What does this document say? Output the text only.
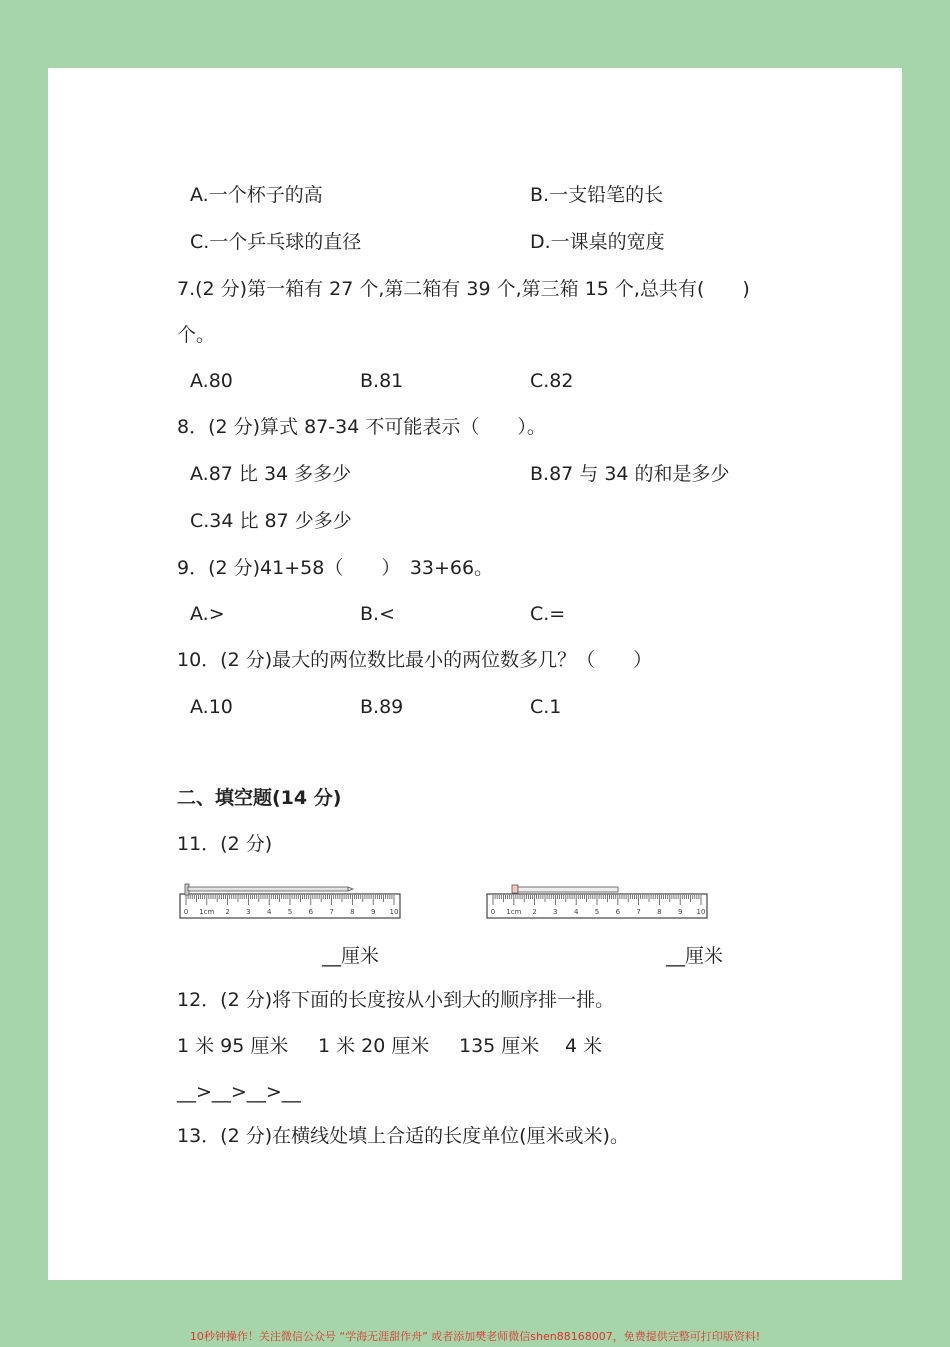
A.一个杯子的高	B.一支铅笔的长
C.一个乒乓球的直径	D.一课桌的宽度
7.(2 分)第一箱有 27 个,第二箱有 39 个,第三箱 15 个,总共有(　　)
个。
A.80	B.81	C.82
8．(2 分)算式 87-34 不可能表示（　　）。
A.87 比 34 多多少	B.87 与 34 的和是多少
C.34 比 87 少多少
9．(2 分)41+58（　　）　33+66。
A.>	B.<	C.=
10．(2 分)最大的两位数比最小的两位数多几？（　　）
A.10	B.89	C.1
二、填空题(14 分)
11．(2 分)
0 1cm 2 3 4 5 6 7 8 9 10	0 1cm 2 3 4 5 6 7 8 9 10
__厘米	__厘米
12．(2 分)将下面的长度按从小到大的顺序排一排。
1 米 95 厘米 1 米 20 厘米 135 厘米 4 米
__>__>__>__
13．(2 分)在横线处填上合适的长度单位(厘米或米)。
10秒钟操作！关注微信公众号 “学海无涯甜作舟” 或者添加樊老师微信shen88168007，免费提供完整可打印版资料!
